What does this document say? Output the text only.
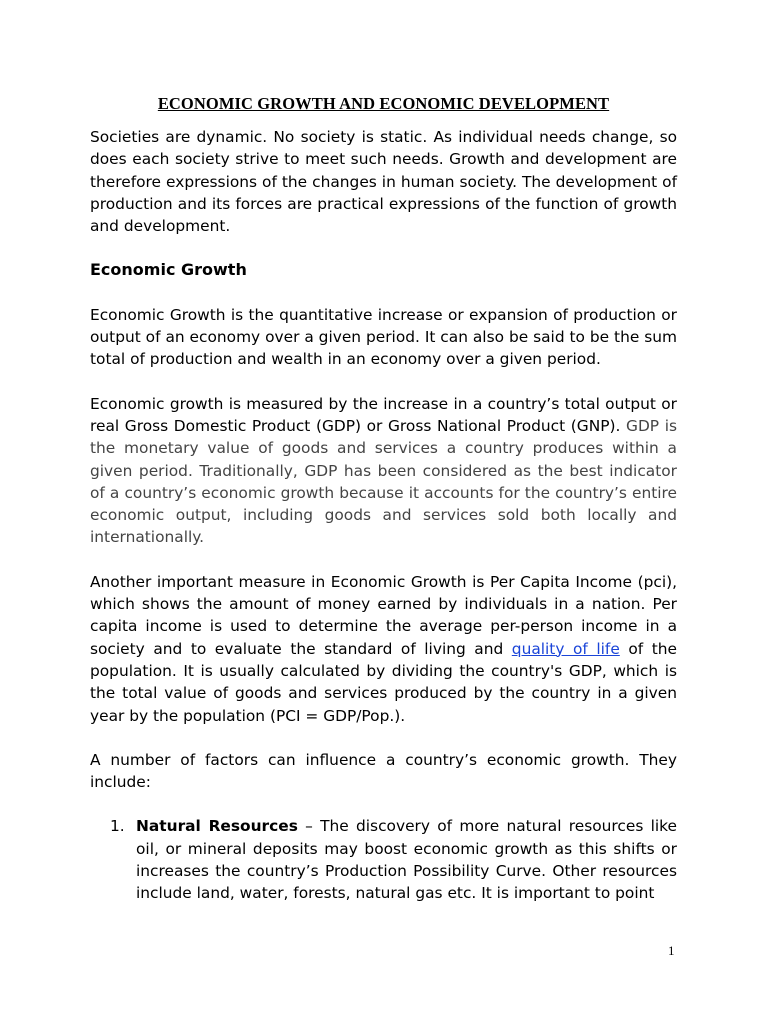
ECONOMIC GROWTH AND ECONOMIC DEVELOPMENT

Societies are dynamic. No society is static. As individual needs change, so does each society strive to meet such needs. Growth and development are therefore expressions of the changes in human society. The development of production and its forces are practical expressions of the function of growth and development.

Economic Growth

Economic Growth is the quantitative increase or expansion of production or output of an economy over a given period. It can also be said to be the sum total of production and wealth in an economy over a given period.

Economic growth is measured by the increase in a country’s total output or real Gross Domestic Product (GDP) or Gross National Product (GNP). GDP is the monetary value of goods and services a country produces within a given period. Traditionally, GDP has been considered as the best indicator of a country’s economic growth because it accounts for the country’s entire economic output, including goods and services sold both locally and internationally.

Another important measure in Economic Growth is Per Capita Income (pci), which shows the amount of money earned by individuals in a nation. Per capita income is used to determine the average per-person income in a society and to evaluate the standard of living and quality of life of the population. It is usually calculated by dividing the country's GDP, which is the total value of goods and services produced by the country in a given year by the population (PCI = GDP/Pop.).

A number of factors can influence a country’s economic growth. They include:

1. Natural Resources – The discovery of more natural resources like oil, or mineral deposits may boost economic growth as this shifts or increases the country’s Production Possibility Curve. Other resources include land, water, forests, natural gas etc. It is important to point
1
